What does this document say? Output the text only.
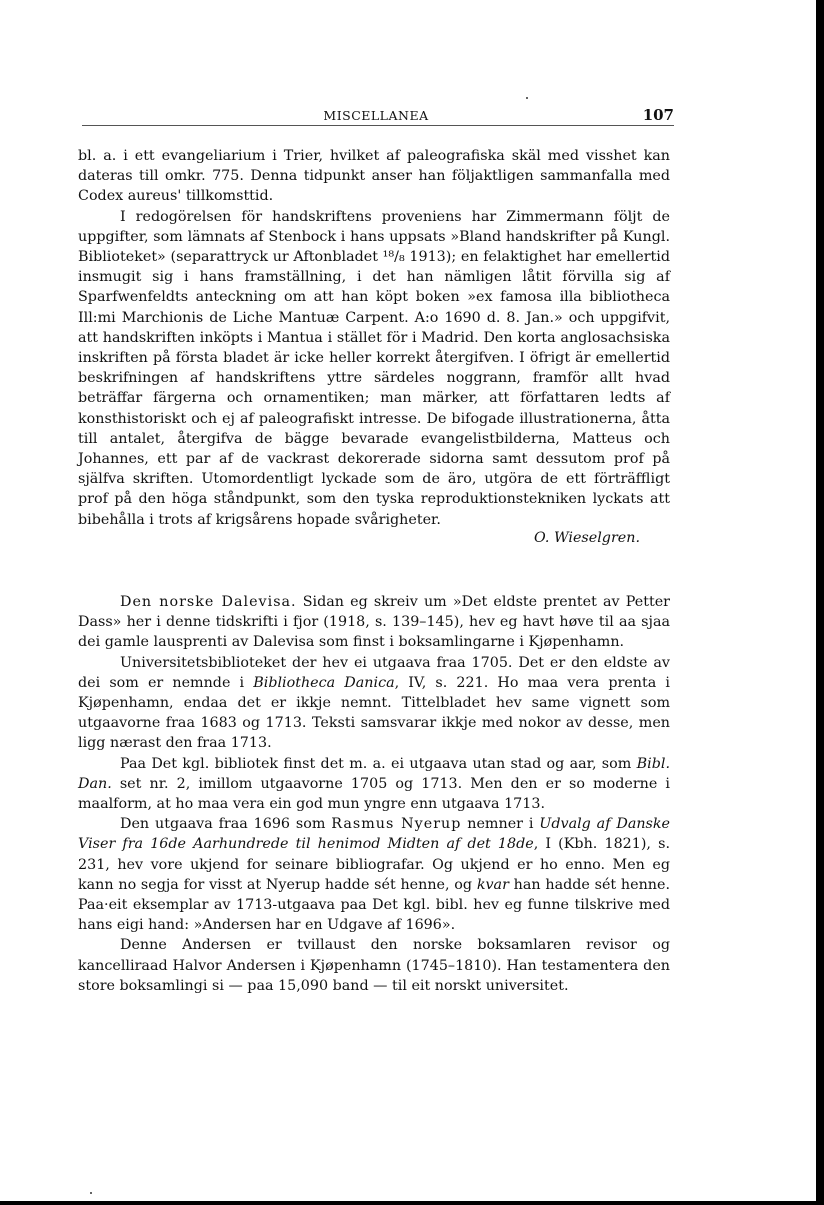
MISCELLANEA	107

bl. a. i ett evangeliarium i Trier, hvilket af paleografiska skäl med visshet kan dateras till omkr. 775. Denna tidpunkt anser han följaktligen sammanfalla med Codex aureus' tillkomsttid.

I redogörelsen för handskriftens proveniens har Zimmermann följt de uppgifter, som lämnats af Stenbock i hans uppsats »Bland handskrifter på Kungl. Biblioteket» (separattryck ur Aftonbladet ¹⁸/₈ 1913); en felaktighet har emellertid insmugit sig i hans framställning, i det han nämligen låtit förvilla sig af Sparfwenfeldts anteckning om att han köpt boken »ex famosa illa bibliotheca Ill:mi Marchionis de Liche Mantuæ Carpent. A:o 1690 d. 8. Jan.» och uppgifvit, att handskriften inköpts i Mantua i stället för i Madrid. Den korta anglosachsiska inskriften på första bladet är icke heller korrekt återgifven. I öfrigt är emellertid beskrifningen af handskriftens yttre särdeles noggrann, framför allt hvad beträffar färgerna och ornamentiken; man märker, att författaren ledts af konsthistoriskt och ej af paleografiskt intresse. De bifogade illustrationerna, åtta till antalet, återgifva de bägge bevarade evangelistbilderna, Matteus och Johannes, ett par af de vackrast dekorerade sidorna samt dessutom prof på själfva skriften. Utomordentligt lyckade som de äro, utgöra de ett förträffligt prof på den höga ståndpunkt, som den tyska reproduktionstekniken lyckats att bibehålla i trots af krigsårens hopade svårigheter.

O. Wieselgren.

Den norske Dalevisa. Sidan eg skreiv um »Det eldste prentet av Petter Dass» her i denne tidskrifti i fjor (1918, s. 139–145), hev eg havt høve til aa sjaa dei gamle lausprenti av Dalevisa som finst i boksamlingarne i Kjøpenhamn.

Universitetsbiblioteket der hev ei utgaava fraa 1705. Det er den eldste av dei som er nemnde i Bibliotheca Danica, IV, s. 221. Ho maa vera prenta i Kjøpenhamn, endaa det er ikkje nemnt. Tittelbladet hev same vignett som utgaavorne fraa 1683 og 1713. Teksti samsvarar ikkje med nokor av desse, men ligg nærast den fraa 1713.

Paa Det kgl. bibliotek finst det m. a. ei utgaava utan stad og aar, som Bibl. Dan. set nr. 2, imillom utgaavorne 1705 og 1713. Men den er so moderne i maalform, at ho maa vera ein god mun yngre enn utgaava 1713.

Den utgaava fraa 1696 som Rasmus Nyerup nemner i Udvalg af Danske Viser fra 16de Aarhundrede til henimod Midten af det 18de, I (Kbh. 1821), s. 231, hev vore ukjend for seinare bibliografar. Og ukjend er ho enno. Men eg kann no segja for visst at Nyerup hadde sét henne, og kvar han hadde sét henne. Paa·eit eksemplar av 1713-utgaava paa Det kgl. bibl. hev eg funne tilskrive med hans eigi hand: »Andersen har en Udgave af 1696».

Denne Andersen er tvillaust den norske boksamlaren revisor og kancelliraad Halvor Andersen i Kjøpenhamn (1745–1810). Han testamentera den store boksamlingi si — paa 15,090 band — til eit norskt universitet.
